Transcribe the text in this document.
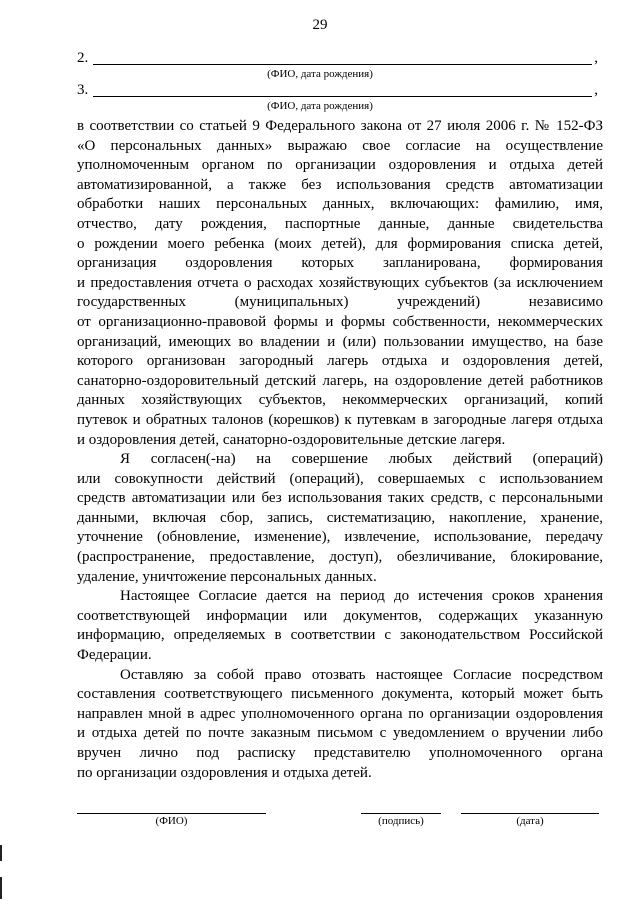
29
2.	,
(ФИО, дата рождения)
3.	,
(ФИО, дата рождения)

в соответствии со статьей 9 Федерального закона от 27 июля 2006 г. № 152-ФЗ

«О персональных данных» выражаю свое согласие на осуществление

уполномоченным органом по организации оздоровления и отдыха детей

автоматизированной, а также без использования средств автоматизации

обработки наших персональных данных, включающих: фамилию, имя,

отчество, дату рождения, паспортные данные, данные свидетельства

о рождении моего ребенка (моих детей), для формирования списка детей,

организация оздоровления которых запланирована, формирования

и предоставления отчета о расходах хозяйствующих субъектов (за исключением

государственных (муниципальных) учреждений) независимо

от организационно-правовой формы и формы собственности, некоммерческих

организаций, имеющих во владении и (или) пользовании имущество, на базе

которого организован загородный лагерь отдыха и оздоровления детей,

санаторно-оздоровительный детский лагерь, на оздоровление детей работников

данных хозяйствующих субъектов, некоммерческих организаций, копий

путевок и обратных талонов (корешков) к путевкам в загородные лагеря отдыха

и оздоровления детей, санаторно-оздоровительные детские лагеря.

Я согласен(-на) на совершение любых действий (операций)

или совокупности действий (операций), совершаемых с использованием

средств автоматизации или без использования таких средств, с персональными

данными, включая сбор, запись, систематизацию, накопление, хранение,

уточнение (обновление, изменение), извлечение, использование, передачу

(распространение, предоставление, доступ), обезличивание, блокирование,

удаление, уничтожение персональных данных.

Настоящее Согласие дается на период до истечения сроков хранения

соответствующей информации или документов, содержащих указанную

информацию, определяемых в соответствии с законодательством Российской

Федерации.

Оставляю за собой право отозвать настоящее Согласие посредством

составления соответствующего письменного документа, который может быть

направлен мной в адрес уполномоченного органа по организации оздоровления

и отдыха детей по почте заказным письмом с уведомлением о вручении либо

вручен лично под расписку представителю уполномоченного органа

по организации оздоровления и отдыха детей.

(ФИО)	(подпись)	(дата)
